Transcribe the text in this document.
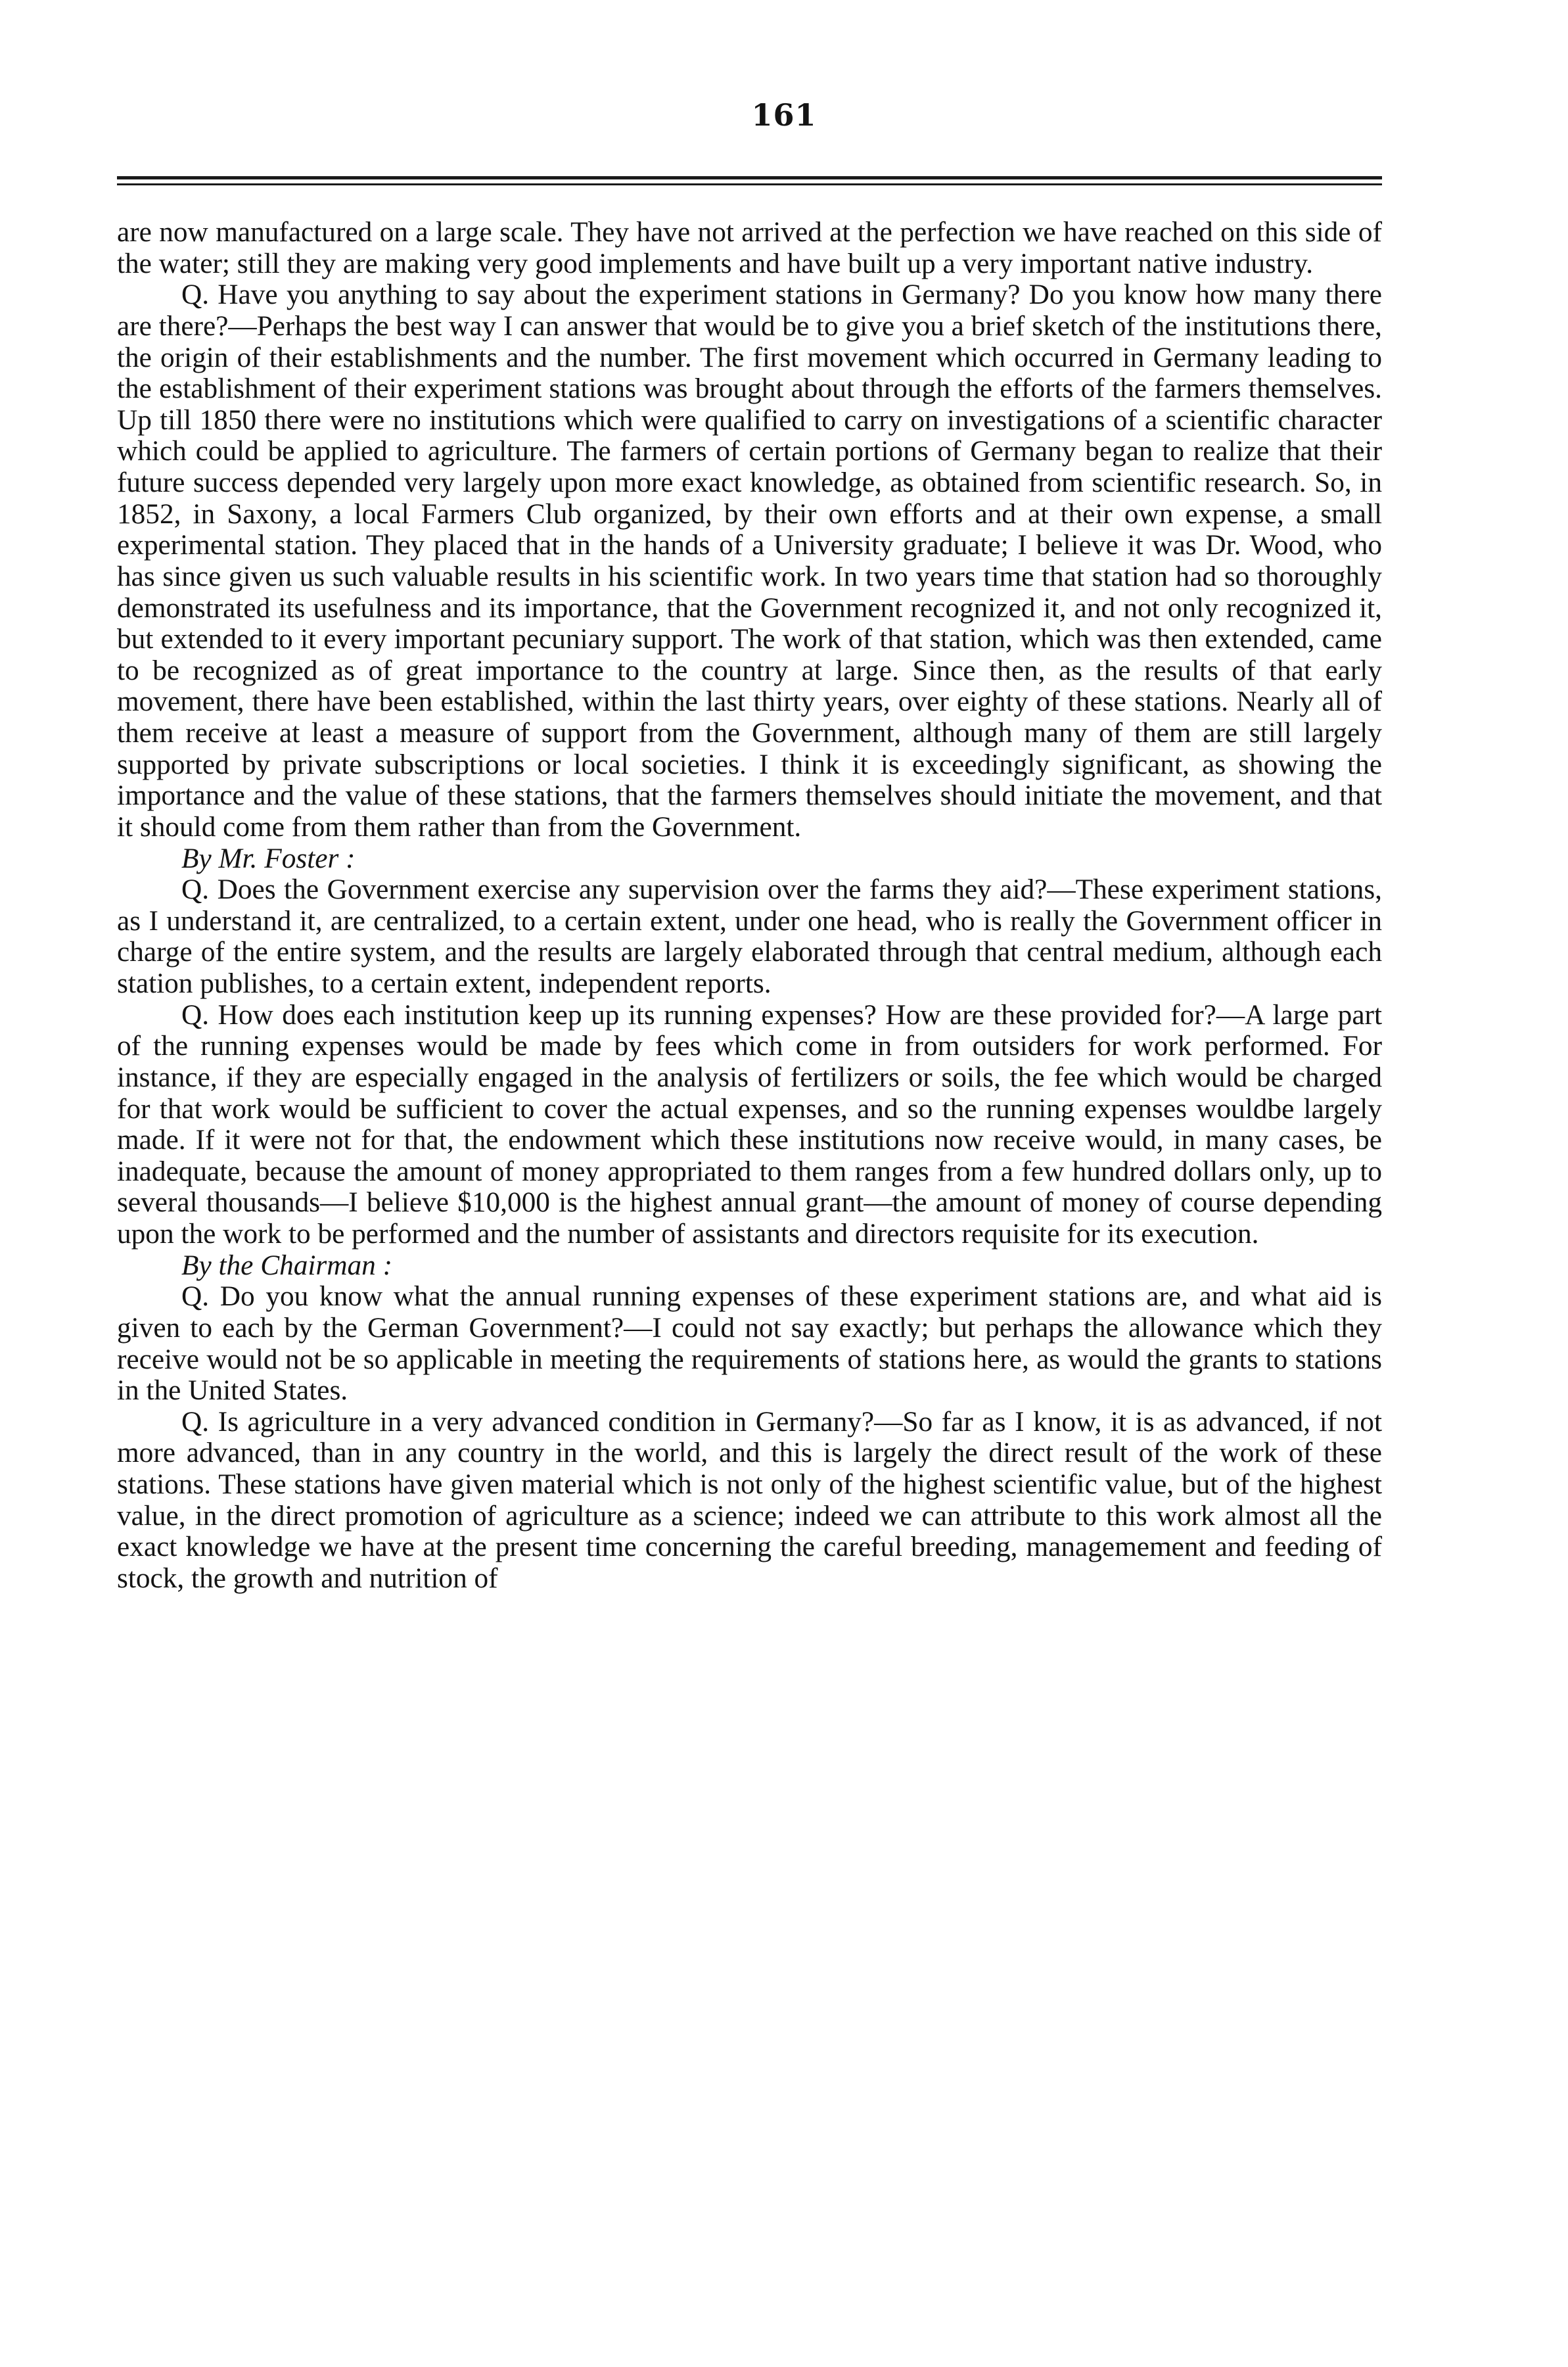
161

are now manufactured on a large scale. They have not arrived at the perfection we have reached on this side of the water; still they are making very good implements and have built up a very important native industry.

Q. Have you anything to say about the experiment stations in Germany? Do you know how many there are there?—Perhaps the best way I can answer that would be to give you a brief sketch of the institutions there, the origin of their establishments and the number. The first movement which occurred in Germany leading to the establishment of their experiment stations was brought about through the efforts of the farmers themselves. Up till 1850 there were no institutions which were qualified to carry on investigations of a scientific character which could be applied to agriculture. The farmers of certain portions of Germany began to realize that their future success depended very largely upon more exact knowledge, as obtained from scientific research. So, in 1852, in Saxony, a local Farmers Club organized, by their own efforts and at their own expense, a small experimental station. They placed that in the hands of a University graduate; I believe it was Dr. Wood, who has since given us such valuable results in his scientific work. In two years time that station had so thoroughly demonstrated its usefulness and its importance, that the Government recognized it, and not only recognized it, but extended to it every important pecuniary support. The work of that station, which was then extended, came to be recognized as of great importance to the country at large. Since then, as the results of that early movement, there have been established, within the last thirty years, over eighty of these stations. Nearly all of them receive at least a measure of support from the Government, although many of them are still largely supported by private subscriptions or local societies. I think it is exceedingly significant, as showing the importance and the value of these stations, that the farmers themselves should initiate the movement, and that it should come from them rather than from the Government.

By Mr. Foster :

Q. Does the Government exercise any supervision over the farms they aid?—These experiment stations, as I understand it, are centralized, to a certain extent, under one head, who is really the Government officer in charge of the entire system, and the results are largely elaborated through that central medium, although each station publishes, to a certain extent, independent reports.

Q. How does each institution keep up its running expenses? How are these provided for?—A large part of the running expenses would be made by fees which come in from outsiders for work performed. For instance, if they are especially engaged in the analysis of fertilizers or soils, the fee which would be charged for that work would be sufficient to cover the actual expenses, and so the running expenses wouldbe largely made. If it were not for that, the endowment which these institutions now receive would, in many cases, be inadequate, because the amount of money appropriated to them ranges from a few hundred dollars only, up to several thousands—I believe $10,000 is the highest annual grant—the amount of money of course depending upon the work to be performed and the number of assistants and directors requisite for its execution.

By the Chairman :

Q. Do you know what the annual running expenses of these experiment stations are, and what aid is given to each by the German Government?—I could not say exactly; but perhaps the allowance which they receive would not be so applicable in meeting the requirements of stations here, as would the grants to stations in the United States.

Q. Is agriculture in a very advanced condition in Germany?—So far as I know, it is as advanced, if not more advanced, than in any country in the world, and this is largely the direct result of the work of these stations. These stations have given material which is not only of the highest scientific value, but of the highest value, in the direct promotion of agriculture as a science; indeed we can attribute to this work almost all the exact knowledge we have at the present time concerning the careful breeding, managemement and feeding of stock, the growth and nutrition of
